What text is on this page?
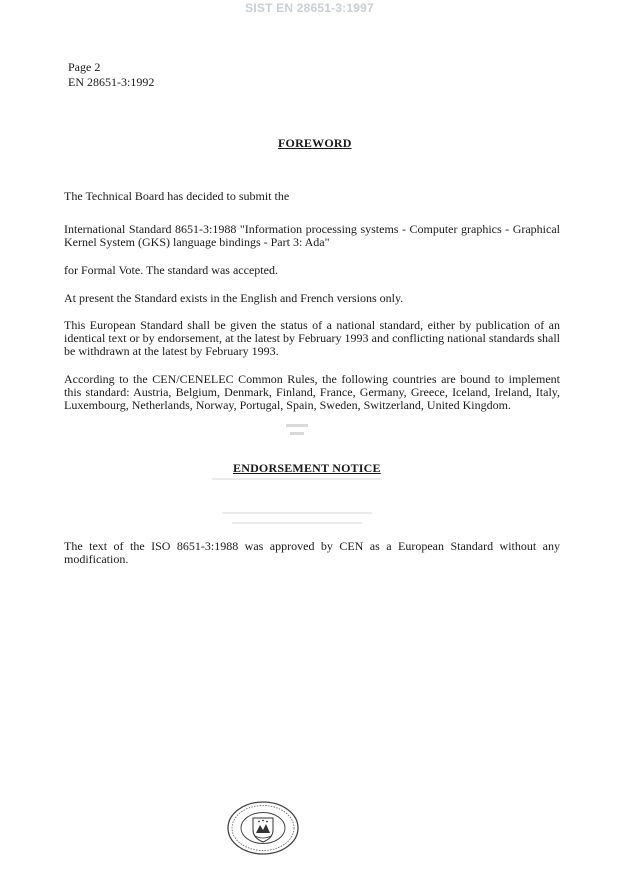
SIST EN 28651-3:1997
Page 2
EN 28651-3:1992
FOREWORD
The Technical Board has decided to submit the
International Standard 8651-3:1988 "Information processing systems - Computer graphics - Graphical Kernel System (GKS) language bindings - Part 3: Ada"
for Formal Vote. The standard was accepted.
At present the Standard exists in the English and French versions only.
This European Standard shall be given the status of a national standard, either by publication of an identical text or by endorsement, at the latest by February 1993 and conflicting national standards shall be withdrawn at the latest by February 1993.
According to the CEN/CENELEC Common Rules, the following countries are bound to implement this standard: Austria, Belgium, Denmark, Finland, France, Germany, Greece, Iceland, Ireland, Italy, Luxembourg, Netherlands, Norway, Portugal, Spain, Sweden, Switzerland, United Kingdom.
ENDORSEMENT NOTICE
The text of the ISO 8651-3:1988 was approved by CEN as a European Standard without any modification.
